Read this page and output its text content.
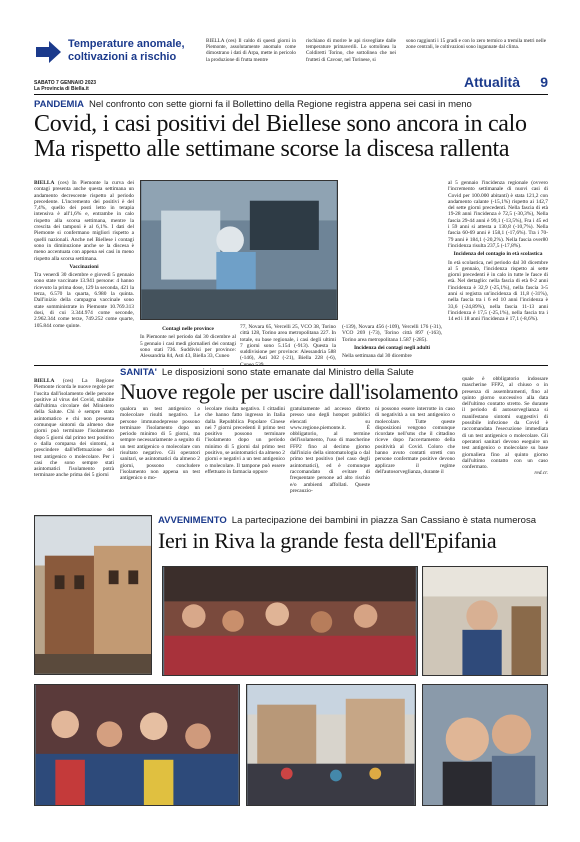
Temperature anomale, coltivazioni a rischio
BIELLA (ces) Il caldo di questi giorni in Piemonte, assolutamente anomalo come dimostrano i dati di Arpa, mette in pericolo la produzione di frutta mentre
rischiano di morire le api risvegliate dalle temperature primaverili. Lo sottolinea la Coldiretti Torino, che sottolinea che nei frutteti di Cavour, nel Torinese, si
sono raggiunti i 15 gradi e con lo zero termico a tremila metri nelle zone centrali, le coltivazioni sono ingannate dal clima.
SABATO 7 GENNAIO 2023
La Provincia di Biella.it	Attualità 9
PANDEMIA Nel confronto con sette giorni fa il Bollettino della Regione registra appena sei casi in meno
Covid, i casi positivi del Biellese sono ancora in calo
Ma rispetto alle settimane scorse la discesa rallenta
BIELLA (ces) In Piemonte la curva dei contagi presenta anche questa settimana un andamento decrescente rispetto al periodo precedente. L'incremento dei positivi è del 7,4%, quello dei posti letto in terapia intensiva è all'1,6% e, entrambe in calo rispetto alla scorsa settimana, mentre la crescita dei tamponi è al 6,1%. I dati del Piemonte si confermano migliori rispetto a quelli nazionali. Anche nel Biellese i contagi sono in diminuzione anche se la discesa è meno accentuata con appena sei casi in meno rispetto alla scorsa settimana.
Vaccinazioni
Tra venerdì 30 dicembre e giovedì 5 gennaio sono state vaccinate 13.941 persone: 4 hanno ricevuto la prima dose, 129 la seconda, 421 la terza, 6.570 la quarta, 6.980 la quinta. Dall'inizio della campagna vaccinale sono state somministrate in Piemonte 10.769.313 dosi, di cui 3.344.974 come seconde, 2.962.344 come terze, 749.252 come quarte, 105.844 come quinte.
Contagi nelle province
In Piemonte nel periodo dal 30 dicembre al 5 gennaio i casi medi giornalieri dei contagi sono stati 736. Suddivisi per province: Alessandria 84, Asti 43, Biella 33, Cuneo
77, Novara 65, Vercelli 25, VCO 38, Torino città 128, Torino area metropolitana 227. In totale, su base regionale, i casi degli ultimi 7 giorni sono 5.154 (-913). Questa la suddivisione per province: Alessandria 588 (-146), Asti 302 (-21), Biella 228 (-6),
(-139), Novara 456 (-109), Vercelli 176 (-31), VCO 269 (-73), Torino città 897 (-163), Torino area metropolitana 1.587 (-285).
Incidenza dei contagi negli adulti
Nella settimana dal 30 dicembre
al 5 gennaio l'incidenza regionale (ovvero l'incremento settimanale di nuovi casi di Covid per 100.000 abitanti) è stata 121,2 con andamento calante (-15,1%) rispetto ai 142,7 del sette giorni precedenti. Nella fascia di età 19-28 anni l'incidenza è 72,5 (-30,3%), Nella fascia 29-44 anni è 99,1 (-13,5%), Fra i 45 ed i 59 anni si attesta a 130,8 (-10,7%). Nella fascia 60-69 anni è 158,1 (-17,6%). Tra i 70-79 anni è 184,1 (-20,2%). Nella fascia over80 l'incidenza risulta 237,5 (-17,8%).
Incidenza del contagio in età scolastica
In età scolastica, nel periodo dal 30 dicembre al 5 gennaio, l'incidenza rispetto ai sette giorni precedenti è in calo in tutte le fasce di età. Nel dettaglio: nella fascia di età 0-2 anni l'incidenza è 32,9 (-25,1%), nella fascia 3-5 anni si registra un'incidenza di 11,8 (-31%), nella fascia tra i 6 ed 10 anni l'incidenza è 33,6 (-24,89%), nella fascia 11-13 anni l'incidenza è 17,5 (-25,1%), nella fascia tra i 14 ed i 18 anni l'incidenza è 17,1 (-8,6%).
SANITA' Le disposizioni sono state emanate dal Ministro della Salute
Nuove regole per uscire dall'isolamento
BIELLA (ces) La Regione Piemonte ricorda le nuove regole per l'uscita dall'isolamento delle persone positive al virus del Covid, stabilite dall'ultima circolare del Ministero della Salute. Chi è sempre stato asintomatico e chi non presenta comunque sintomi da almeno due giorni può terminare l'isolamento dopo 5 giorni dal primo test positivo o dalla comparsa dei sintomi, a prescindere dall'effettuazione del test antigenico o molecolare. Per i casi che sono sempre stati asintomatici l'isolamento potrà terminare anche prima dei 5 giorni
qualora un test antigenico o molecolare risulti negativo. Le persone immunodepresse possono terminare l'isolamento dopo un periodo minimo di 5 giorni, ma sempre necessariamente a seguito di un test antigenico o molecolare con risultato negativo. Gli operatori sanitari, se asintomatici da almeno 2 giorni, possono concludere l'isolamento non appena un test antigenico o mo-
lecolare risulta negativo. I cittadini che hanno fatto ingresso in Italia dalla Repubblica Popolare Cinese nei 7 giorni precedenti il primo test positivo possono terminare l'isolamento dopo un periodo minimo di 5 giorni dal primo test positivo, se asintomatici da almeno 2 giorni e negativi a un test antigenico o molecolare. Il tampone può essere effettuato in farmacia oppure
gratuitamente ad accesso diretto presso uno degli hotspot pubblici elencati su www.regione.piemonte.it. È obbligatorio, al termine dell'isolamento, l'uso di mascherine FFP2 fino al decimo giorno dall'inizio della sintomatologia o dal primo test positivo (nel caso degli asintomatici), ed è comunque raccomandato di evitare di frequentare persone ad alto rischio e/o ambienti affollati. Queste precauzio-
ni possono essere interrotte in caso di negatività a un test antigenico o molecolare. Tutte queste disposizioni vengono comunque ricordate nell'sms che il cittadino riceve dopo l'accertamento della positività al Covid. Coloro che hanno avuto contatti stretti con persone confermate positive devono applicare il regime dell'autosorveglianza, durante il
quale è obbligatorio indossare mascherine FFP2, al chiuso o in presenza di assembramenti, fino al quinto giorno successivo alla data dell'ultimo contatto stretto. Se durante il periodo di autosorveglianza si manifestano sintomi suggestivi di possibile infezione da Covid è raccomandata l'esecuzione immediata di un test antigenico o molecolare. Gli operatori sanitari devono eseguire un test antigenico o molecolare su base giornaliera fino al quinto giorno dall'ultimo contatto con un caso confermato.
red.cr.
AVVENIMENTO La partecipazione dei bambini in piazza San Cassiano è stata numerosa
Ieri in Riva la grande festa dell'Epifania
